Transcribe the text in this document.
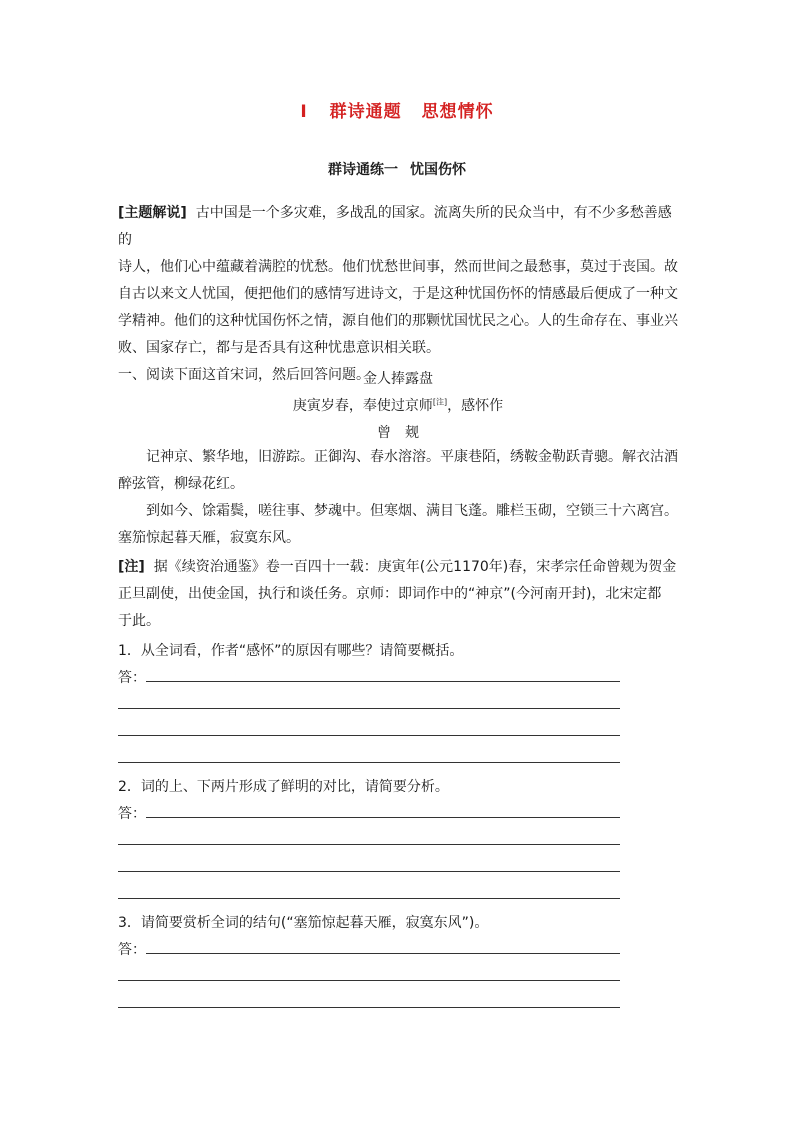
Ⅰ 群诗通题 思想情怀
群诗通练一 忧国伤怀

[主题解说] 古中国是一个多灾难，多战乱的国家。流离失所的民众当中，有不少多愁善感的

诗人，他们心中蕴藏着满腔的忧愁。他们忧愁世间事，然而世间之最愁事，莫过于丧国。故

自古以来文人忧国，便把他们的感情写进诗文，于是这种忧国伤怀的情感最后便成了一种文

学精神。他们的这种忧国伤怀之情，源自他们的那颗忧国忧民之心。人的生命存在、事业兴

败、国家存亡，都与是否具有这种忧患意识相关联。

一、阅读下面这首宋词，然后回答问题。

金人捧露盘
庚寅岁春，奉使过京师[注]，感怀作
曾　觌

记神京、繁华地，旧游踪。正御沟、春水溶溶。平康巷陌，绣鞍金勒跃青骢。解衣沽酒

醉弦管，柳绿花红。

到如今、馀霜鬓，嗟往事、梦魂中。但寒烟、满目飞蓬。雕栏玉砌，空锁三十六离宫。

塞笳惊起暮天雁，寂寞东风。

[注] 据《续资治通鉴》卷一百四十一载：庚寅年(公元1170年)春，宋孝宗任命曾觌为贺金

正旦副使，出使金国，执行和谈任务。京师：即词作中的“神京”(今河南开封)，北宋定都

于此。

1．从全词看，作者“感怀”的原因有哪些？请简要概括。
答：
2．词的上、下两片形成了鲜明的对比，请简要分析。
答：
3．请简要赏析全词的结句(“塞笳惊起暮天雁，寂寞东风”)。
答：
